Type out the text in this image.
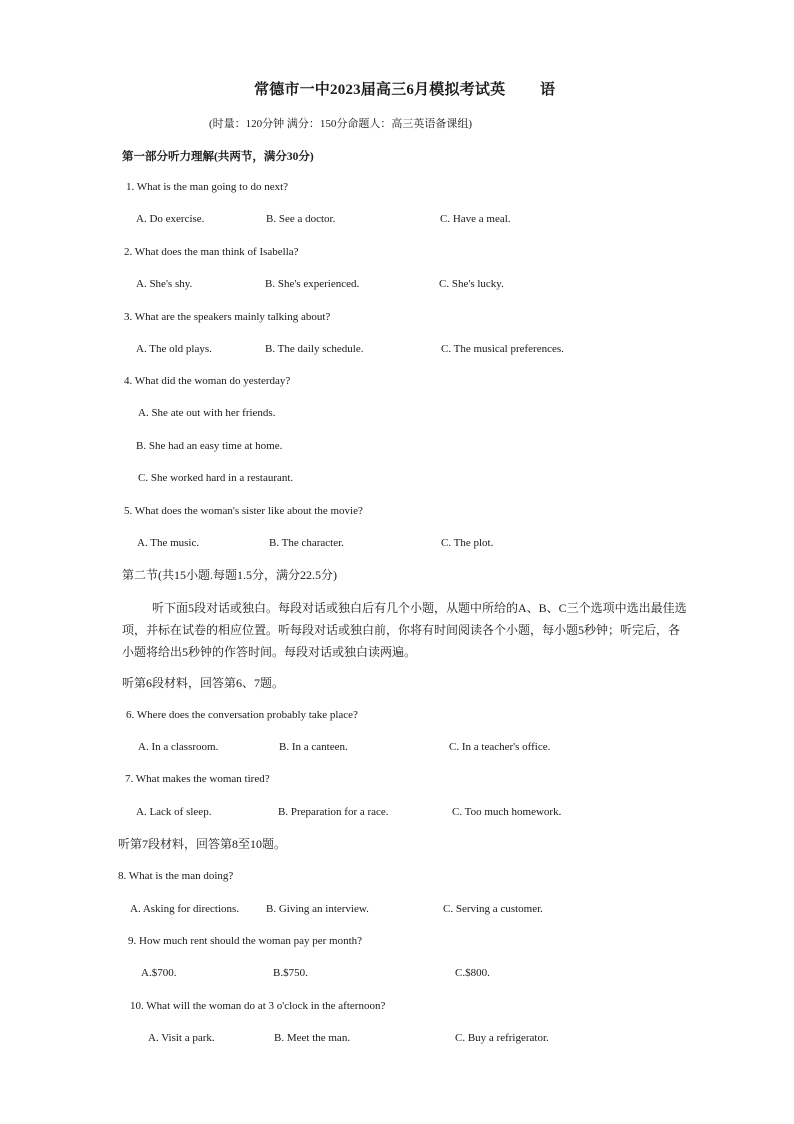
常德市一中2023届高三6月模拟考试英 语
(时量：120分钟 满分：150分命题人：高三英语备课组)
第一部分听力理解(共两节，满分30分)
1. What is the man going to do next?
A. Do exercise.	B. See a doctor.	C. Have a meal.
2. What does the man think of Isabella?
A. She's shy.	B. She's experienced.	C. She's lucky.
3. What are the speakers mainly talking about?
A. The old plays.	B. The daily schedule.	C. The musical preferences.
4. What did the woman do yesterday?
A. She ate out with her friends.
B. She had an easy time at home.
C. She worked hard in a restaurant.
5. What does the woman's sister like about the movie?
A. The music.	B. The character.	C. The plot.
第二节(共15小题.每题1.5分，满分22.5分)
听下面5段对话或独白。每段对话或独白后有几个小题，从题中所给的A、B、C三个选项中选出最佳选项，并标在试卷的相应位置。听每段对话或独白前，你将有时间阅读各个小题，每小题5秒钟；听完后，各小题将给出5秒钟的作答时间。每段对话或独白读两遍。
听第6段材料，回答第6、7题。
6. Where does the conversation probably take place?
A. In a classroom.	B. In a canteen.	C. In a teacher's office.
7. What makes the woman tired?
A. Lack of sleep.	B. Preparation for a race.	C. Too much homework.
听第7段材料，回答第8至10题。
8. What is the man doing?
A. Asking for directions. B. Giving an interview.	C. Serving a customer.
9. How much rent should the woman pay per month?
A.$700.	B.$750.	C.$800.
10. What will the woman do at 3 o'clock in the afternoon?
A. Visit a park.	B. Meet the man.	C. Buy a refrigerator.
